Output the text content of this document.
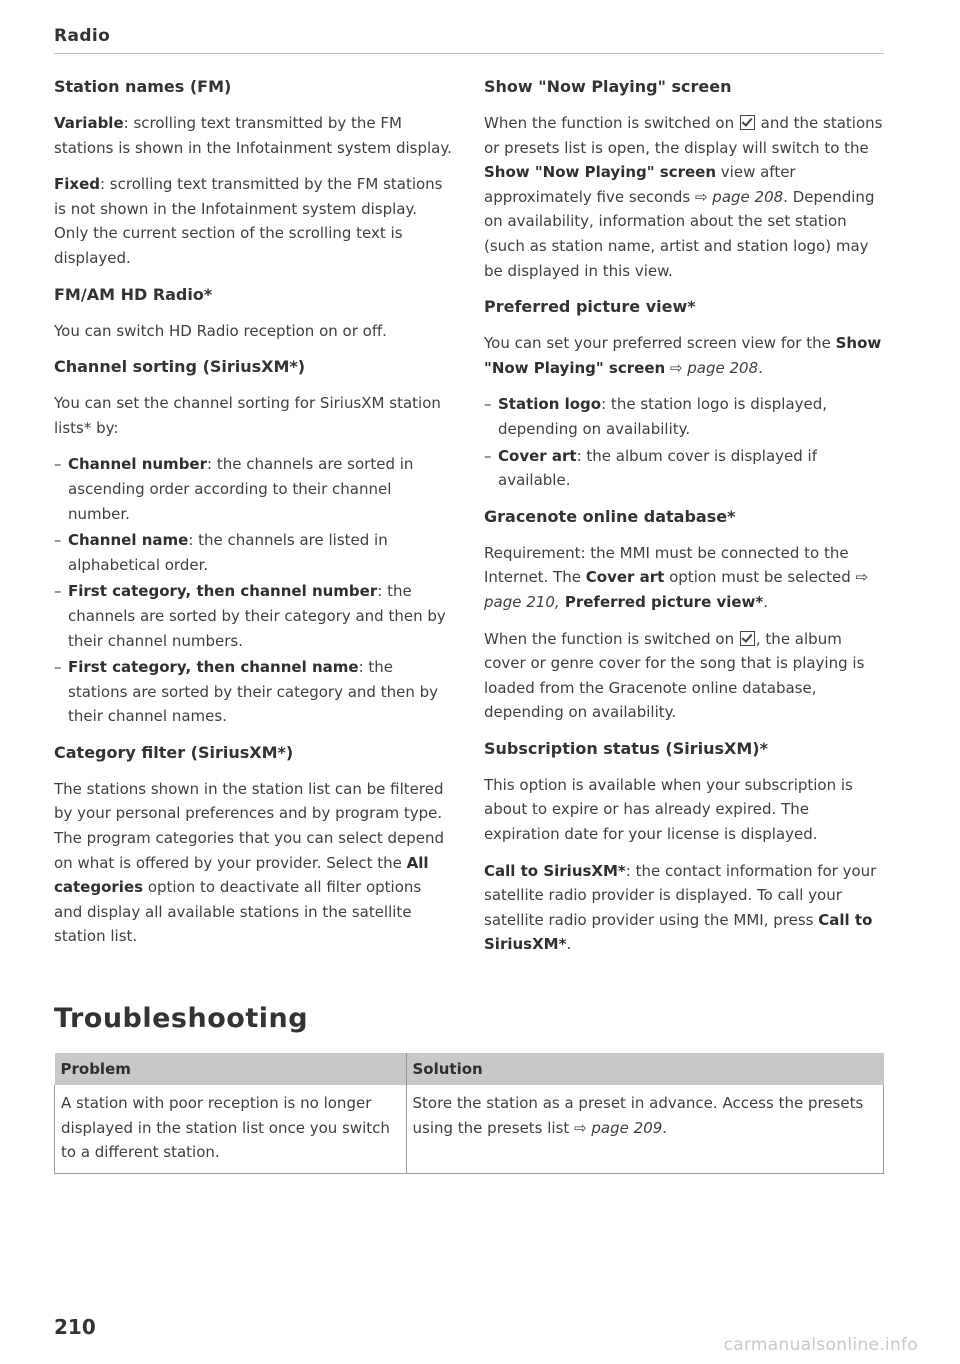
Radio
Station names (FM)

Variable: scrolling text transmitted by the FM stations is shown in the Infotainment system display.

Fixed: scrolling text transmitted by the FM stations is not shown in the Infotainment system display. Only the current section of the scrolling text is displayed.

FM/AM HD Radio*

You can switch HD Radio reception on or off.

Channel sorting (SiriusXM*)

You can set the channel sorting for SiriusXM station lists* by:

– Channel number: the channels are sorted in ascending order according to their channel number.
– Channel name: the channels are listed in alphabetical order.
– First category, then channel number: the channels are sorted by their category and then by their channel numbers.
– First category, then channel name: the stations are sorted by their category and then by their channel names.
Category filter (SiriusXM*)

The stations shown in the station list can be filtered by your personal preferences and by program type. The program categories that you can select depend on what is offered by your provider. Select the All categories option to deactivate all filter options and display all available stations in the satellite station list.

Show "Now Playing" screen

When the function is switched on  and the stations or presets list is open, the display will switch to the Show "Now Playing" screen view after approximately five seconds ⇨ page 208. Depending on availability, information about the set station (such as station name, artist and station logo) may be displayed in this view.

Preferred picture view*

You can set your preferred screen view for the Show "Now Playing" screen ⇨ page 208.

– Station logo: the station logo is displayed, depending on availability.
– Cover art: the album cover is displayed if available.
Gracenote online database*

Requirement: the MMI must be connected to the Internet. The Cover art option must be selected ⇨ page 210, Preferred picture view*.

When the function is switched on , the album cover or genre cover for the song that is playing is loaded from the Gracenote online database, depending on availability.

Subscription status (SiriusXM)*

This option is available when your subscription is about to expire or has already expired. The expiration date for your license is displayed.

Call to SiriusXM*: the contact information for your satellite radio provider is displayed. To call your satellite radio provider using the MMI, press Call to SiriusXM*.

Troubleshooting
Problem	Solution
A station with poor reception is no longer displayed in the station list once you switch to a different station.	Store the station as a preset in advance. Access the presets using the presets list ⇨ page 209.
210
carmanualsonline.info
